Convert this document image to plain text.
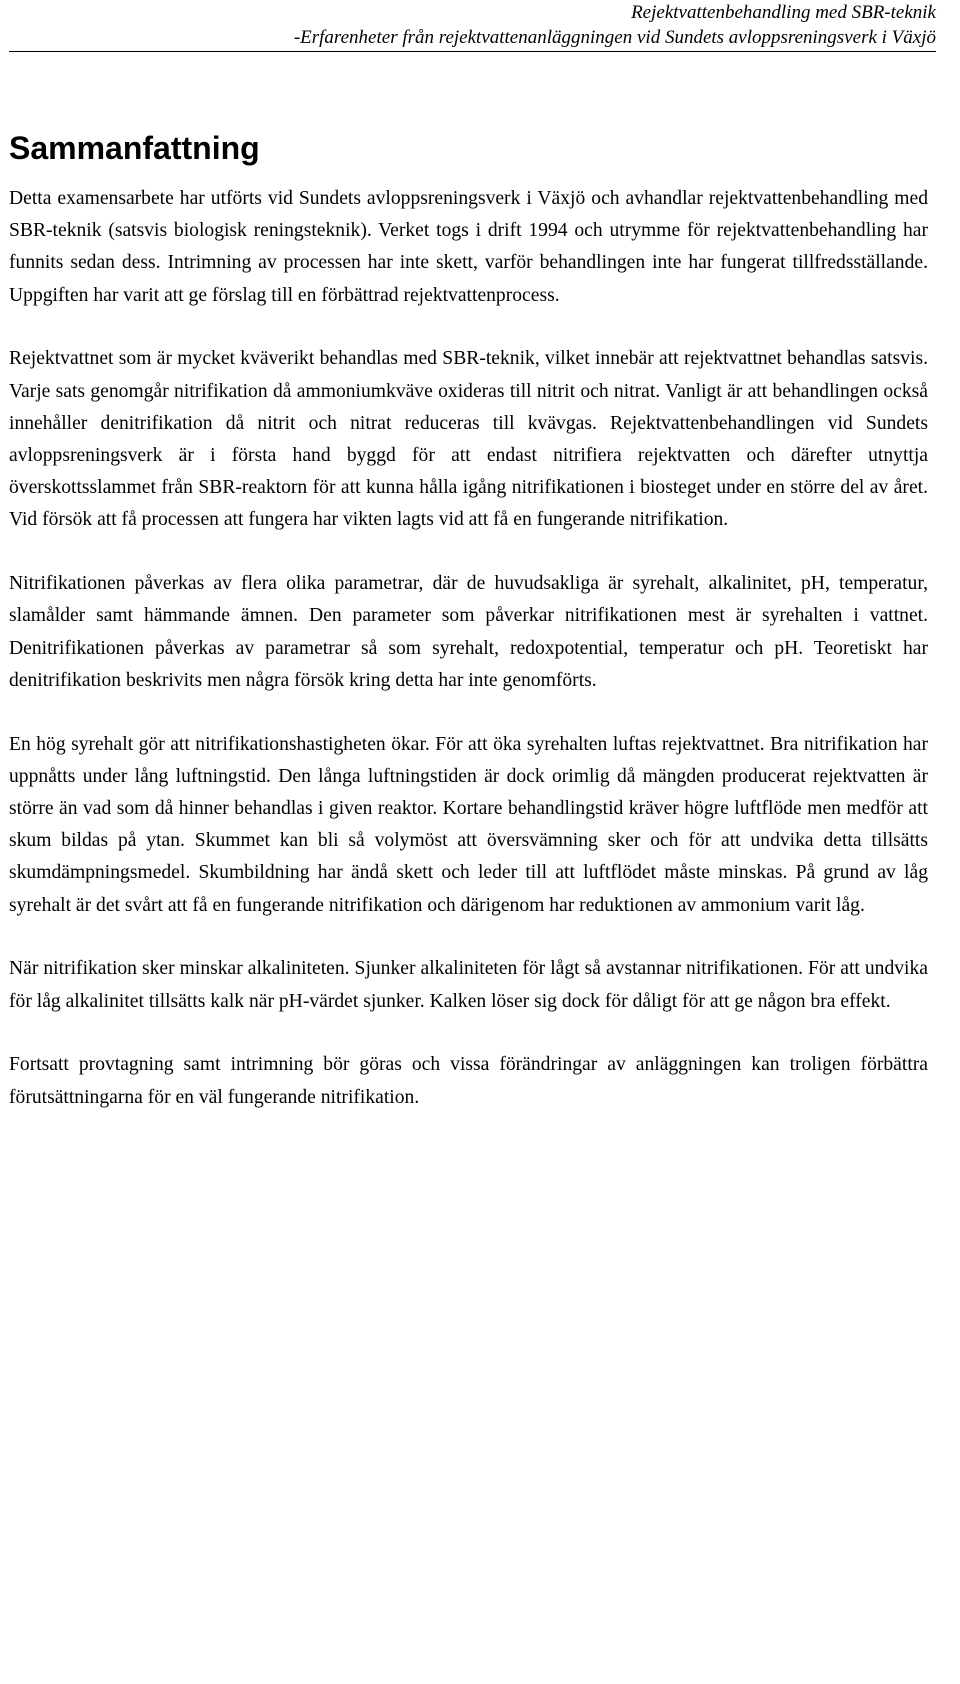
Rejektvattenbehandling med SBR-teknik
-Erfarenheter från rejektvattenanläggningen vid Sundets avloppsreningsverk i Växjö
Sammanfattning

Detta examensarbete har utförts vid Sundets avloppsreningsverk i Växjö och avhandlar rejektvattenbehandling med SBR-teknik (satsvis biologisk reningsteknik). Verket togs i drift 1994 och utrymme för rejektvattenbehandling har funnits sedan dess. Intrimning av processen har inte skett, varför behandlingen inte har fungerat tillfredsställande. Uppgiften har varit att ge förslag till en förbättrad rejektvattenprocess.

Rejektvattnet som är mycket kväverikt behandlas med SBR-teknik, vilket innebär att rejektvattnet behandlas satsvis. Varje sats genomgår nitrifikation då ammoniumkväve oxideras till nitrit och nitrat. Vanligt är att behandlingen också innehåller denitrifikation då nitrit och nitrat reduceras till kvävgas. Rejektvattenbehandlingen vid Sundets avloppsreningsverk är i första hand byggd för att endast nitrifiera rejektvatten och därefter utnyttja överskottsslammet från SBR-reaktorn för att kunna hålla igång nitrifikationen i biosteget under en större del av året. Vid försök att få processen att fungera har vikten lagts vid att få en fungerande nitrifikation.

Nitrifikationen påverkas av flera olika parametrar, där de huvudsakliga är syrehalt, alkalinitet, pH, temperatur, slamålder samt hämmande ämnen. Den parameter som påverkar nitrifikationen mest är syrehalten i vattnet. Denitrifikationen påverkas av parametrar så som syrehalt, redoxpotential, temperatur och pH. Teoretiskt har denitrifikation beskrivits men några försök kring detta har inte genomförts.

En hög syrehalt gör att nitrifikationshastigheten ökar. För att öka syrehalten luftas rejektvattnet. Bra nitrifikation har uppnåtts under lång luftningstid. Den långa luftningstiden är dock orimlig då mängden producerat rejektvatten är större än vad som då hinner behandlas i given reaktor. Kortare behandlingstid kräver högre luftflöde men medför att skum bildas på ytan. Skummet kan bli så volymöst att översvämning sker och för att undvika detta tillsätts skumdämpningsmedel. Skumbildning har ändå skett och leder till att luftflödet måste minskas. På grund av låg syrehalt är det svårt att få en fungerande nitrifikation och därigenom har reduktionen av ammonium varit låg.

När nitrifikation sker minskar alkaliniteten. Sjunker alkaliniteten för lågt så avstannar nitrifikationen. För att undvika för låg alkalinitet tillsätts kalk när pH-värdet sjunker. Kalken löser sig dock för dåligt för att ge någon bra effekt.

Fortsatt provtagning samt intrimning bör göras och vissa förändringar av anläggningen kan troligen förbättra förutsättningarna för en väl fungerande nitrifikation.
